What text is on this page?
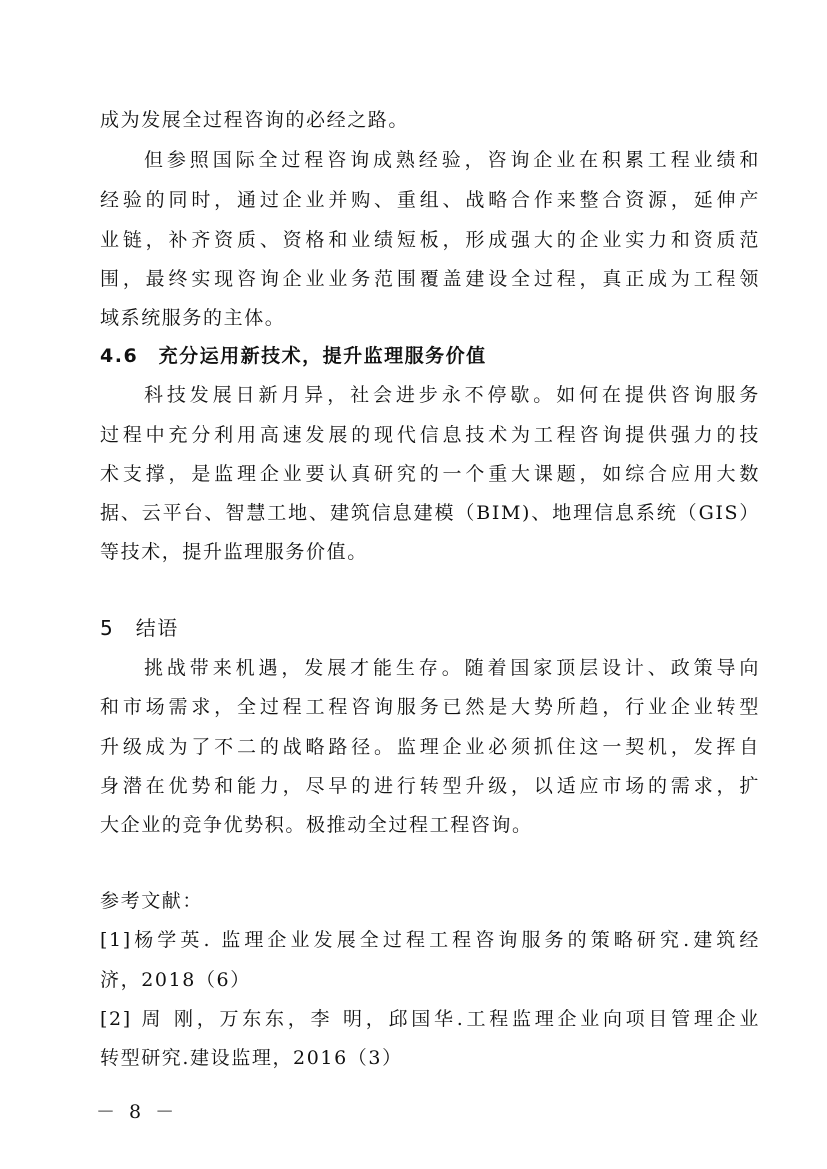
成为发展全过程咨询的必经之路。
但参照国际全过程咨询成熟经验，咨询企业在积累工程业绩和
经验的同时，通过企业并购、重组、战略合作来整合资源，延伸产
业链，补齐资质、资格和业绩短板，形成强大的企业实力和资质范
围，最终实现咨询企业业务范围覆盖建设全过程，真正成为工程领
域系统服务的主体。
4.6　充分运用新技术，提升监理服务价值
科技发展日新月异，社会进步永不停歇。如何在提供咨询服务
过程中充分利用高速发展的现代信息技术为工程咨询提供强力的技
术支撑，是监理企业要认真研究的一个重大课题，如综合应用大数
据、云平台、智慧工地、建筑信息建模（BIM)、地理信息系统（GIS）
等技术，提升监理服务价值。
5　结语
挑战带来机遇，发展才能生存。随着国家顶层设计、政策导向
和市场需求，全过程工程咨询服务已然是大势所趋，行业企业转型
升级成为了不二的战略路径。监理企业必须抓住这一契机，发挥自
身潜在优势和能力，尽早的进行转型升级，以适应市场的需求，扩
大企业的竞争优势积。极推动全过程工程咨询。
参考文献：
[1]杨学英. 监理企业发展全过程工程咨询服务的策略研究.建筑经
济，2018（6）
[2] 周 刚，万东东，李 明，邱国华.工程监理企业向项目管理企业
转型研究.建设监理，2016（3）
－ 8 －
